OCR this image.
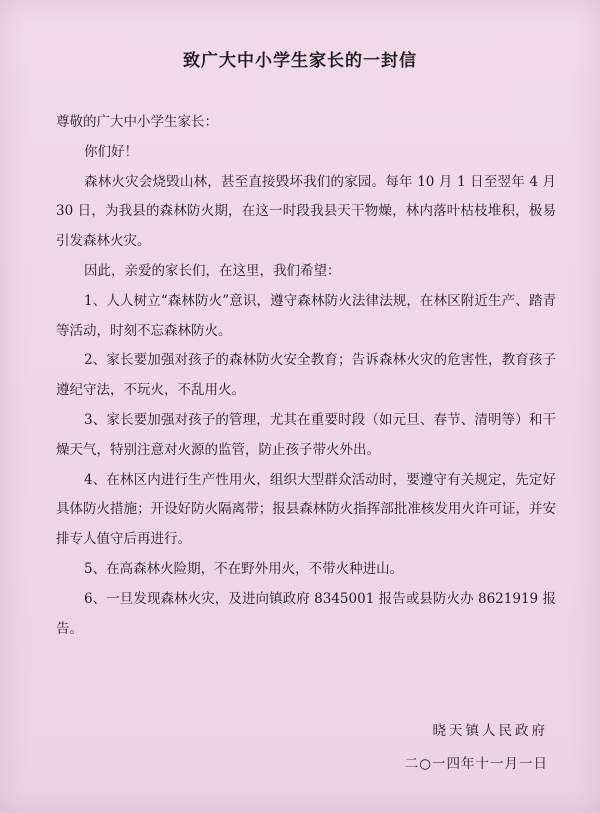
致广大中小学生家长的一封信

尊敬的广大中小学生家长：

你们好！

森林火灾会烧毁山林，甚至直接毁坏我们的家园。每年 10 月 1 日至翌年 4 月 30 日，为我县的森林防火期，在这一时段我县天干物燥，林内落叶枯枝堆积，极易引发森林火灾。

因此，亲爱的家长们，在这里，我们希望：

1、人人树立“森林防火”意识，遵守森林防火法律法规，在林区附近生产、踏青等活动，时刻不忘森林防火。

2、家长要加强对孩子的森林防火安全教育；告诉森林火灾的危害性，教育孩子遵纪守法，不玩火，不乱用火。

3、家长要加强对孩子的管理，尤其在重要时段（如元旦、春节、清明等）和干燥天气，特别注意对火源的监管，防止孩子带火外出。

4、在林区内进行生产性用火，组织大型群众活动时，要遵守有关规定，先定好具体防火措施；开设好防火隔离带；报县森林防火指挥部批准核发用火许可证，并安排专人值守后再进行。

5、在高森林火险期，不在野外用火，不带火种进山。

6、一旦发现森林火灾，及进向镇政府 8345001 报告或县防火办 8621919 报告。

晓天镇人民政府
二○一四年十一月一日
